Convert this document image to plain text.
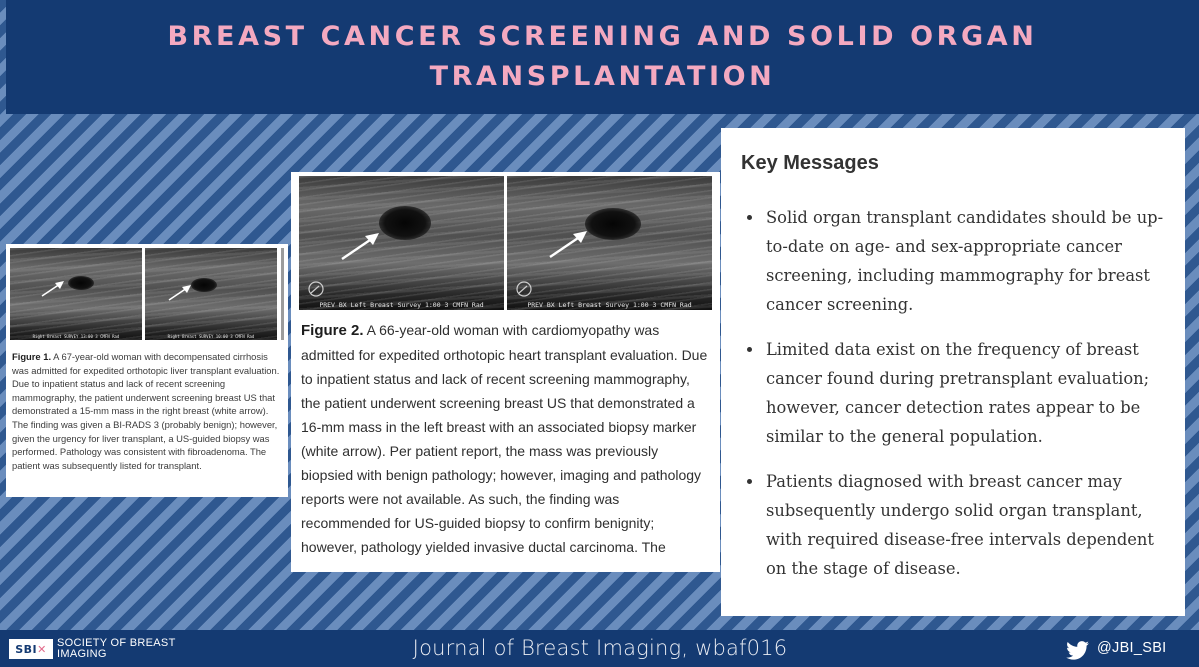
BREAST CANCER SCREENING AND SOLID ORGAN TRANSPLANTATION
Right Breast SURVEY 13:00 3 CMFN Rad	Right Breast SURVEY 10:00 3 CMFN Rad

Figure 1. A 67-year-old woman with decompensated cirrhosis was admitted for expedited orthotopic liver transplant evaluation. Due to inpatient status and lack of recent screening mammography, the patient underwent screening breast US that demonstrated a 15-mm mass in the right breast (white arrow). The finding was given a BI-RADS 3 (probably benign); however, given the urgency for liver transplant, a US-guided biopsy was performed. Pathology was consistent with fibroadenoma. The patient was subsequently listed for transplant.

PREV BX Left Breast Survey 1:00 3 CMFN Rad	PREV BX Left Breast Survey 1:00 3 CMFN Rad

Figure 2. A 66-year-old woman with cardiomyopathy was admitted for expedited orthotopic heart transplant evaluation. Due to inpatient status and lack of recent screening mammography, the patient underwent screening breast US that demonstrated a 16-mm mass in the left breast with an associated biopsy marker (white arrow). Per patient report, the mass was previously biopsied with benign pathology; however, imaging and pathology reports were not available. As such, the finding was recommended for US-guided biopsy to confirm benignity; however, pathology yielded invasive ductal carcinoma. The

Key Messages
• Solid organ transplant candidates should be up-to-date on age- and sex-appropriate cancer screening, including mammography for breast cancer screening.
• Limited data exist on the frequency of breast cancer found during pretransplant evaluation; however, cancer detection rates appear to be similar to the general population.
• Patients diagnosed with breast cancer may subsequently undergo solid organ transplant, with required disease-free intervals dependent on the stage of disease.
SBI ✕ SOCIETY OF BREAST
IMAGING	Journal of Breast Imaging, wbaf016	@JBI_SBI
